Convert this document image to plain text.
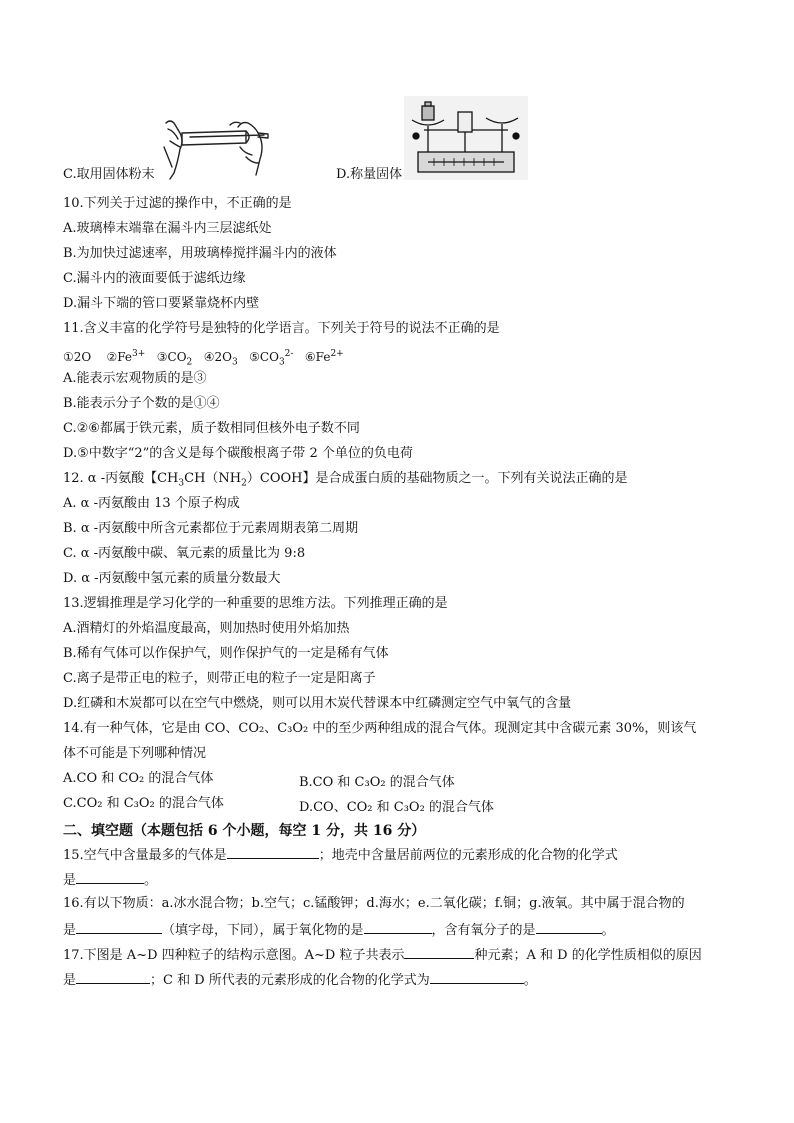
C.取用固体粉末	D.称量固体
10.下列关于过滤的操作中，不正确的是
A.玻璃棒末端靠在漏斗内三层滤纸处
B.为加快过滤速率，用玻璃棒搅拌漏斗内的液体
C.漏斗内的液面要低于滤纸边缘
D.漏斗下端的管口要紧靠烧杯内壁
11.含义丰富的化学符号是独特的化学语言。下列关于符号的说法不正确的是
①2O $②Fe^{3+}$ $③CO_2$ $④2O_3$ $⑤CO_3^{2-}$ $⑥Fe^{2+}$
A.能表示宏观物质的是③
B.能表示分子个数的是①④
C.②⑥都属于铁元素，质子数相同但核外电子数不同
D.⑤中数字“2”的含义是每个碳酸根离子带 2 个单位的负电荷
12. α -丙氨酸【$CH_3CH(NH_2)COOH$】是合成蛋白质的基础物质之一。下列有关说法正确的是
A. α -丙氨酸由 13 个原子构成
B. α -丙氨酸中所含元素都位于元素周期表第二周期
C. α -丙氨酸中碳、氧元素的质量比为 9:8
D. α -丙氨酸中氢元素的质量分数最大
13.逻辑推理是学习化学的一种重要的思维方法。下列推理正确的是
A.酒精灯的外焰温度最高，则加热时使用外焰加热
B.稀有气体可以作保护气，则作保护气的一定是稀有气体
C.离子是带正电的粒子，则带正电的粒子一定是阳离子
D.红磷和木炭都可以在空气中燃烧，则可以用木炭代替课本中红磷测定空气中氧气的含量
14.有一种气体，它是由 CO、CO₂、C₃O₂ 中的至少两种组成的混合气体。现测定其中含碳元素 30%，则该气
体不可能是下列哪种情况
A.CO 和 CO₂ 的混合气体	B.CO 和 C₃O₂ 的混合气体
C.CO₂ 和 C₃O₂ 的混合气体	D.CO、CO₂ 和 C₃O₂ 的混合气体
二、填空题（本题包括 6 个小题，每空 1 分，共 16 分）
15.空气中含量最多的气体是	；地壳中含量居前两位的元素形成的化合物的化学式
是	。
16.有以下物质：a.冰水混合物；b.空气；c.锰酸钾；d.海水；e.二氧化碳；f.铜；g.液氧。其中属于混合物的
是	（填字母，下同），属于氧化物的是	，含有氧分子的是	。
17.下图是 A~D 四种粒子的结构示意图。A~D 粒子共表示	种元素；A 和 D 的化学性质相似的原因
是	；C 和 D 所代表的元素形成的化合物的化学式为	。
